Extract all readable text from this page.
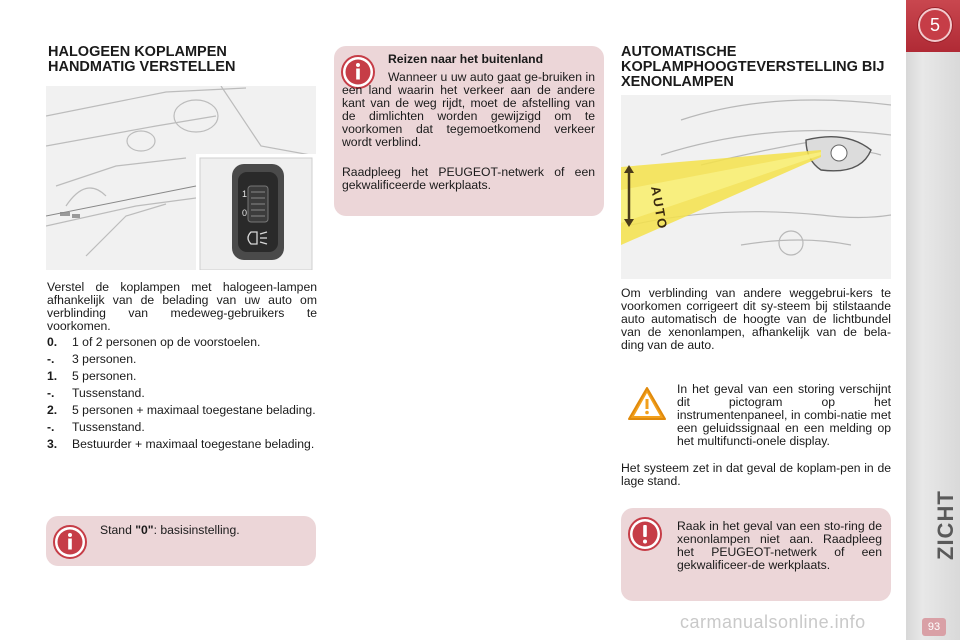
5
ZICHT
93
HALOGEEN KOPLAMPEN HANDMATIG VERSTELLEN
1
0
Verstel de koplampen met halogeen-lampen afhankelijk van de belading van uw auto om verblinding van medeweg-gebruikers te voorkomen.
0.	1 of 2 personen op de voorstoelen.
-.	3 personen.
1.	5 personen.
-.	Tussenstand.
2.	5 personen + maximaal toegestane belading.
-.	Tussenstand.
3.	Bestuurder + maximaal toegestane belading.
Stand "0": basisinstelling.
Reizen naar het buitenland
Wanneer u uw auto gaat ge-bruiken in een land waarin het verkeer aan de andere kant van de weg rijdt, moet de afstelling van de dimlichten worden gewijzigd om te voorkomen dat tegemoetkomend verkeer wordt verblind.
Raadpleeg het PEUGEOT-netwerk of een gekwalificeerde werkplaats.
AUTOMATISCHE KOPLAMPHOOGTEVERSTELLING BIJ XENONLAMPEN
AUTO
Om verblinding van andere weggebrui-kers te voorkomen corrigeert dit sy-steem bij stilstaande auto automatisch de hoogte van de lichtbundel van de xenonlampen, afhankelijk van de bela-ding van de auto.
In het geval van een storing verschijnt dit pictogram op het instrumentenpaneel, in combi-natie met een geluidssignaal en een melding op het multifuncti-onele display.
Het systeem zet in dat geval de koplam-pen in de lage stand.
Raak in het geval van een sto-ring de xenonlampen niet aan. Raadpleeg het PEUGEOT-netwerk of een gekwalificeer-de werkplaats.
carmanualsonline.info
